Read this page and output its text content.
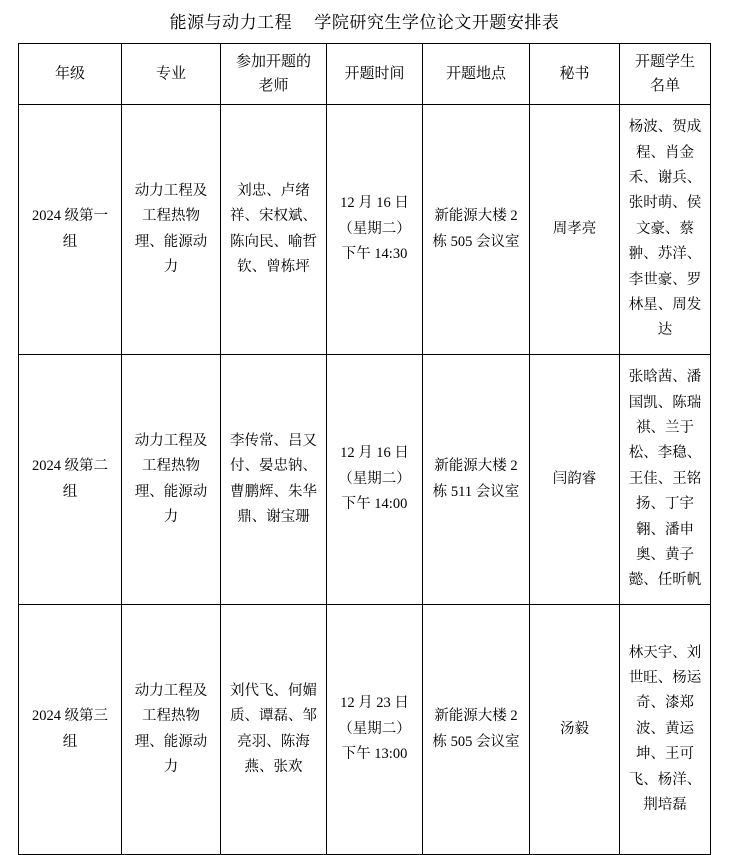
能源与动力工程　 学院研究生学位论文开题安排表
年级	专业	参加开题的老师	开题时间	开题地点	秘书	开题学生名单
2024 级第一组	动力工程及工程热物理、能源动力	刘忠、卢绪祥、宋权斌、陈向民、喻哲钦、曾栋坪	12 月 16 日（星期二）下午 14:30	新能源大楼 2 栋 505 会议室	周孝亮	杨波、贺成程、肖金禾、谢兵、张时萌、侯文豪、蔡翀、苏洋、李世豪、罗林星、周发达
2024 级第二组	动力工程及工程热物理、能源动力	李传常、吕又付、晏忠钠、曹鹏辉、朱华鼎、谢宝珊	12 月 16 日（星期二）下午 14:00	新能源大楼 2 栋 511 会议室	闫韵睿	张晗茜、潘国凯、陈瑞祺、兰于松、李稳、王佳、王铭扬、丁宇翱、潘申奥、黄子懿、任昕帆
2024 级第三组	动力工程及工程热物理、能源动力	刘代飞、何媚质、谭磊、邹亮羽、陈海燕、张欢	12 月 23 日（星期二）下午 13:00	新能源大楼 2 栋 505 会议室	汤毅	林天宇、刘世旺、杨运奇、漆郑波、黄运坤、王可飞、杨洋、荆培磊
